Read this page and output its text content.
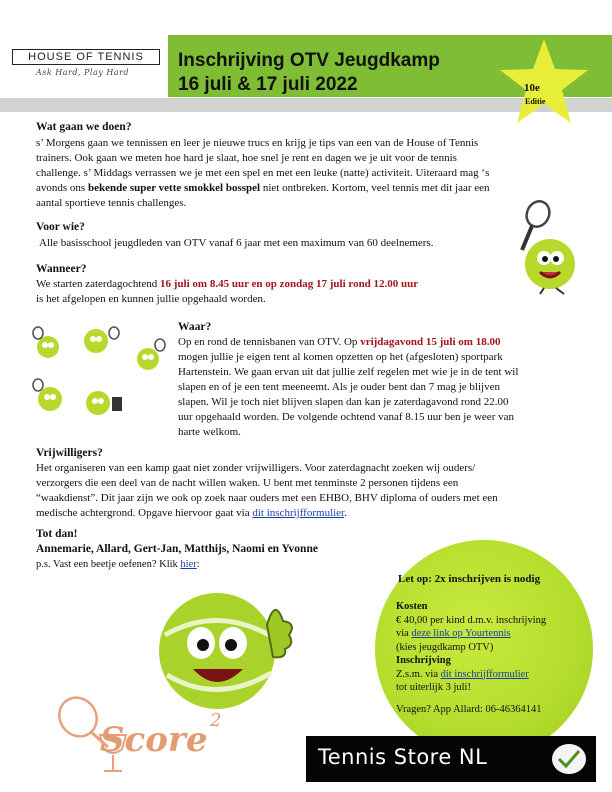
HOUSE OF TENNIS
Ask Hard, Play Hard
Inschrijving OTV Jeugdkamp
16 juli & 17 juli 2022	10e
Editie
Wat gaan we doen?
s’ Morgens gaan we tennissen en leer je nieuwe trucs en krijg je tips van een van de House of Tennis
trainers. Ook gaan we meten hoe hard je slaat, hoe snel je rent en dagen we je uit voor de tennis
challenge. s’ Middags verrassen we je met een spel en met een leuke (natte) activiteit. Uiteraard mag ‘s
avonds ons bekende super vette smokkel bosspel niet ontbreken. Kortom, veel tennis met dit jaar een
aantal sportieve tennis challenges.
Voor wie?
Alle basisschool jeugdleden van OTV vanaf 6 jaar met een maximum van 60 deelnemers.
Wanneer?
We starten zaterdagochtend 16 juli om 8.45 uur en op zondag 17 juli rond 12.00 uur
is het afgelopen en kunnen jullie opgehaald worden.
Waar?
Op en rond de tennisbanen van OTV. Op vrijdagavond 15 juli om 18.00
mogen jullie je eigen tent al komen opzetten op het (afgesloten) sportpark
Hartenstein. We gaan ervan uit dat jullie zelf regelen met wie je in de tent wil
slapen en of je een tent meeneemt. Als je ouder bent dan 7 mag je blijven
slapen. Wil je toch niet blijven slapen dan kan je zaterdagavond rond 22.00
uur opgehaald worden. De volgende ochtend vanaf 8.15 uur ben je weer van
harte welkom.
Vrijwilligers?
Het organiseren van een kamp gaat niet zonder vrijwilligers. Voor zaterdagnacht zoeken wij ouders/
verzorgers die een deel van de nacht willen waken. U bent met tenminste 2 personen tijdens een
“waakdienst”. Dit jaar zijn we ook op zoek naar ouders met een EHBO, BHV diploma of ouders met een
medische achtergrond. Opgave hiervoor gaat via dit inschrijfformulier.
Tot dan!
Annemarie, Allard, Gert-Jan, Matthijs, Naomi en Yvonne
p.s. Vast een beetje oefenen? Klik hier:
Let op: 2x inschrijven is nodig
Kosten
€ 40,00 per kind d.m.v. inschrijving
via deze link op Yourtennis
(kies jeugdkamp OTV)
Inschrijving
Z.s.m. via dit inschrijfformulier
tot uiterlijk 3 juli!
Vragen? App Allard: 06-46364141
Score 2
Tennis Store NL
